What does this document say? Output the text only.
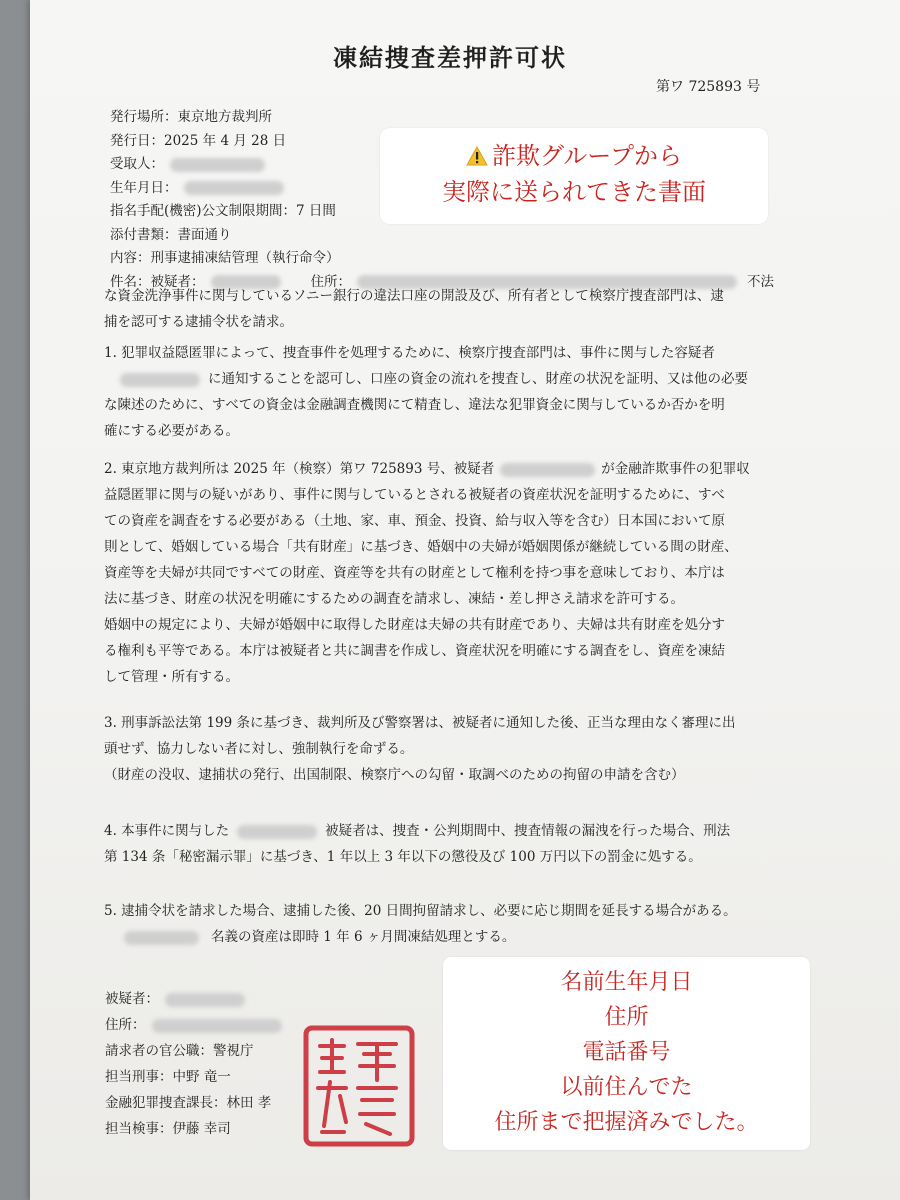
凍結捜査差押許可状
第ワ 725893 号
発行場所：東京地方裁判所
発行日：2025 年 4 月 28 日
受取人：
生年月日：
指名手配(機密)公文制限期間：7 日間
添付書類：書面通り
内容：刑事逮捕凍結管理（執行命令）
件名：被疑者：	住所：	不法
な資金洗浄事件に関与しているソニー銀行の違法口座の開設及び、所有者として検察庁捜査部門は、逮
捕を認可する逮捕令状を請求。
1. 犯罪収益隠匿罪によって、捜査事件を処理するために、検察庁捜査部門は、事件に関与した容疑者
に通知することを認可し、口座の資金の流れを捜査し、財産の状況を証明、又は他の必要
な陳述のために、すべての資金は金融調査機関にて精査し、違法な犯罪資金に関与しているか否かを明
確にする必要がある。
2. 東京地方裁判所は 2025 年（検察）第ワ 725893 号、被疑者	が金融詐欺事件の犯罪収
益隠匿罪に関与の疑いがあり、事件に関与しているとされる被疑者の資産状況を証明するために、すべ
ての資産を調査をする必要がある（土地、家、車、預金、投資、給与収入等を含む）日本国において原
則として、婚姻している場合「共有財産」に基づき、婚姻中の夫婦が婚姻関係が継続している間の財産、
資産等を夫婦が共同ですべての財産、資産等を共有の財産として権利を持つ事を意味しており、本庁は
法に基づき、財産の状況を明確にするための調査を請求し、凍結・差し押さえ請求を許可する。
婚姻中の規定により、夫婦が婚姻中に取得した財産は夫婦の共有財産であり、夫婦は共有財産を処分す
る権利も平等である。本庁は被疑者と共に調書を作成し、資産状況を明確にする調査をし、資産を凍結
して管理・所有する。
3. 刑事訴訟法第 199 条に基づき、裁判所及び警察署は、被疑者に通知した後、正当な理由なく審理に出
頭せず、協力しない者に対し、強制執行を命ずる。
（財産の没収、逮捕状の発行、出国制限、検察庁への勾留・取調べのための拘留の申請を含む）
4. 本事件に関与した	被疑者は、捜査・公判期間中、捜査情報の漏洩を行った場合、刑法
第 134 条「秘密漏示罪」に基づき、1 年以上 3 年以下の懲役及び 100 万円以下の罰金に処する。
5. 逮捕令状を請求した場合、逮捕した後、20 日間拘留請求し、必要に応じ期間を延長する場合がある。
名義の資産は即時 1 年 6 ヶ月間凍結処理とする。
被疑者：
住所：
請求者の官公職：警視庁
担当刑事：中野 竜一
金融犯罪捜査課長：林田 孝
担当検事：伊藤 幸司
詐欺グループから
実際に送られてきた書面
名前生年月日
住所
電話番号
以前住んでた
住所まで把握済みでした。
